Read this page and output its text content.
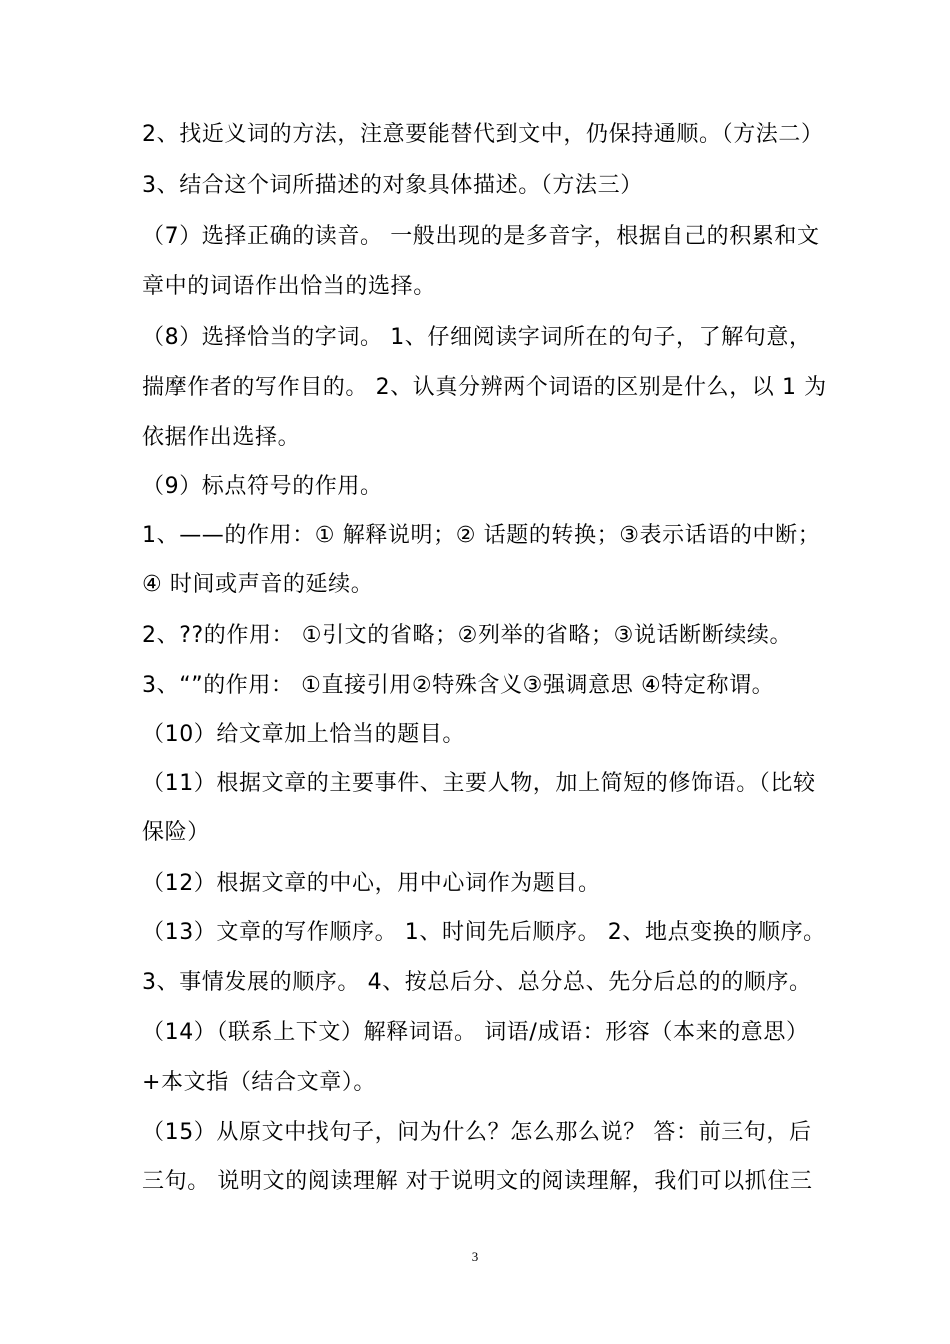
2、找近义词的方法，注意要能替代到文中，仍保持通顺。（方法二）
3、结合这个词所描述的对象具体描述。（方法三）
（7）选择正确的读音。 一般出现的是多音字，根据自己的积累和文
章中的词语作出恰当的选择。
（8）选择恰当的字词。 1、仔细阅读字词所在的句子，了解句意，
揣摩作者的写作目的。 2、认真分辨两个词语的区别是什么，以 1 为
依据作出选择。
（9）标点符号的作用。
1、——的作用：① 解释说明；② 话题的转换；③表示话语的中断；
④ 时间或声音的延续。
2、??的作用： ①引文的省略；②列举的省略；③说话断断续续。
3、“”的作用： ①直接引用②特殊含义③强调意思 ④特定称谓。
（10）给文章加上恰当的题目。
（11）根据文章的主要事件、主要人物，加上简短的修饰语。（比较
保险）
（12）根据文章的中心，用中心词作为题目。
（13）文章的写作顺序。 1、时间先后顺序。 2、地点变换的顺序。
3、事情发展的顺序。 4、按总后分、总分总、先分后总的的顺序。
（14）（联系上下文）解释词语。 词语/成语：形容（本来的意思）
+本文指（结合文章）。
（15）从原文中找句子，问为什么？怎么那么说？ 答：前三句，后
三句。 说明文的阅读理解 对于说明文的阅读理解，我们可以抓住三
3
